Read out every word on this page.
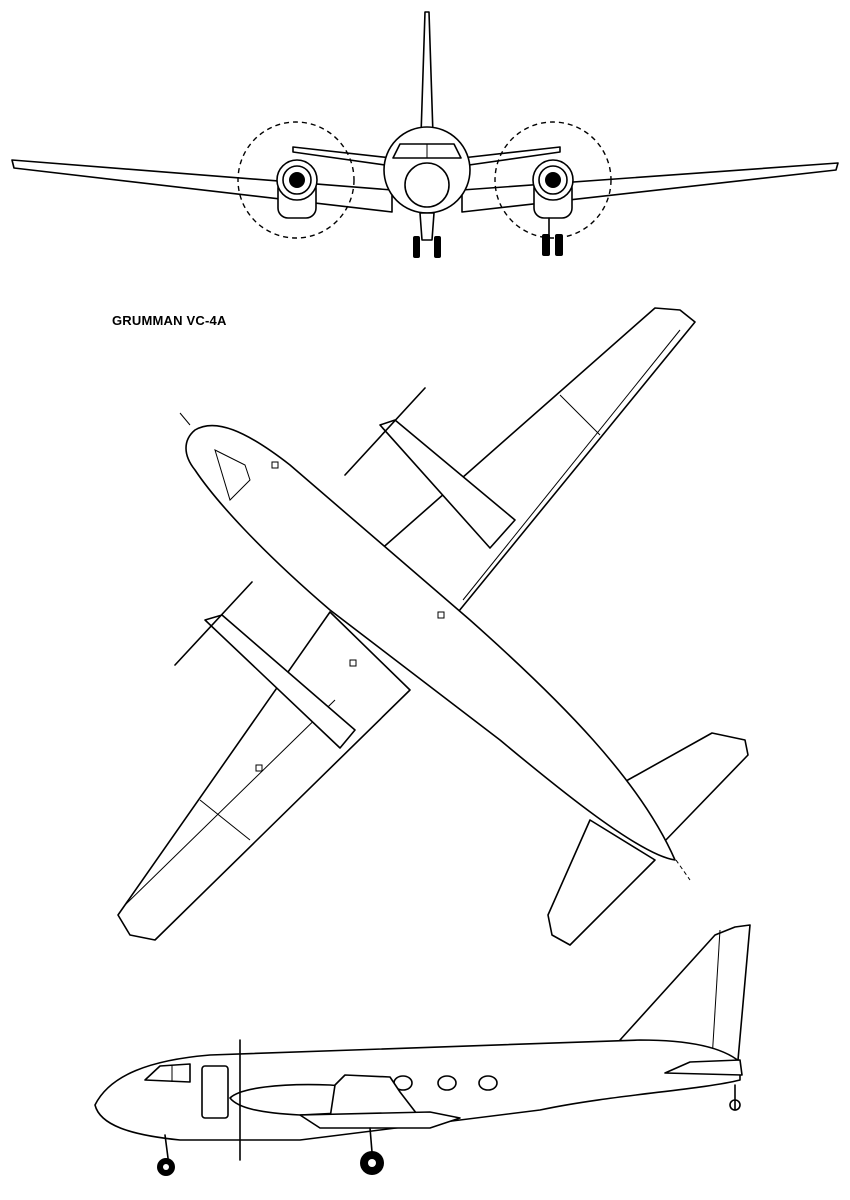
GRUMMAN VC-4A
